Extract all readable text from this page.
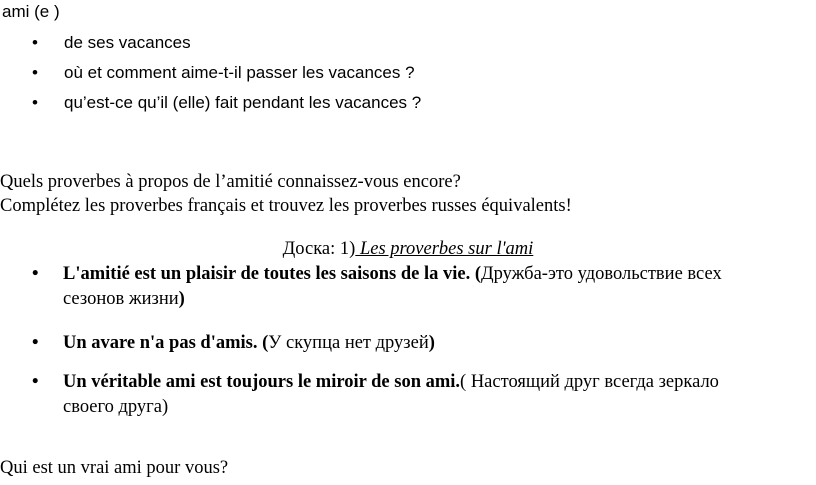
ami (e )
• de ses vacances
• où et comment aime-t-il passer les vacances ?
• qu’est-ce qu’il (elle) fait pendant les vacances ?
Quels proverbes à propos de l’amitié connaissez-vous encore?
Complétez les proverbes français et trouvez les proverbes russes équivalents!
Доска: 1) Les proverbes sur l'ami
• L'amitié est un plaisir de toutes les saisons de la vie. (Дружба-это удовольствие всех
сезонов жизни)
• Un avare n'a pas d'amis. (У скупца нет друзей)
• Un véritable ami est toujours le miroir de son ami.( Настоящий друг всегда зеркало
своего друга)
Qui est un vrai ami pour vous?
